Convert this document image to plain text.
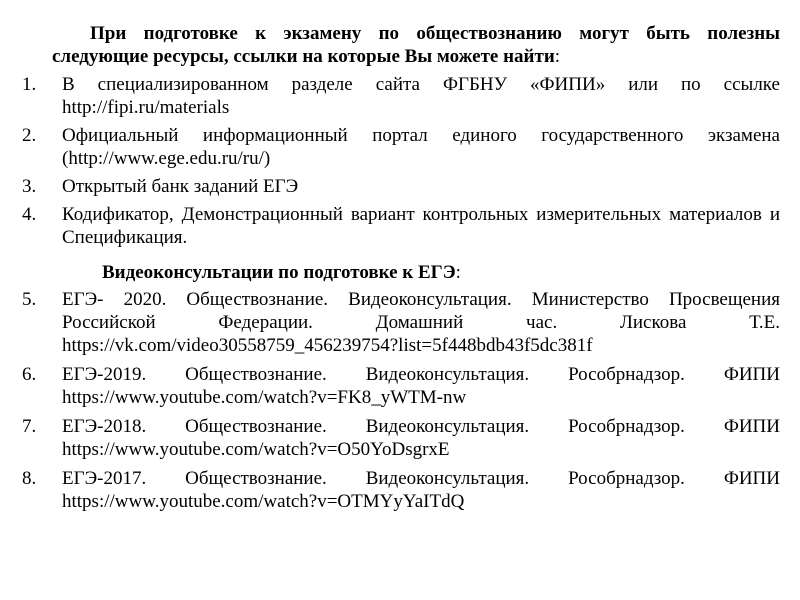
При подготовке к экзамену по обществознанию могут быть полезны следующие ресурсы, ссылки на которые Вы можете найти:

1. В специализированном разделе сайта ФГБНУ «ФИПИ» или по ссылке http://fipi.ru/materials
2. Официальный информационный портал единого государственного экзамена (http://www.ege.edu.ru/ru/)
3. Открытый банк заданий ЕГЭ
4. Кодификатор, Демонстрационный вариант контрольных измерительных материалов и Спецификация.

Видеоконсультации по подготовке к ЕГЭ:

5. ЕГЭ- 2020. Обществознание. Видеоконсультация. Министерство Просвещения Российской Федерации. Домашний час. Лискова Т.Е. https://vk.com/video30558759_456239754?list=5f448bdb43f5dc381f
6. ЕГЭ-2019. Обществознание. Видеоконсультация. Рособрнадзор. ФИПИ https://www.youtube.com/watch?v=FK8_yWTM-nw
7. ЕГЭ-2018. Обществознание. Видеоконсультация. Рособрнадзор. ФИПИ https://www.youtube.com/watch?v=O50YoDsgrxE
8. ЕГЭ-2017. Обществознание. Видеоконсультация. Рособрнадзор. ФИПИ https://www.youtube.com/watch?v=OTMYyYaITdQ
